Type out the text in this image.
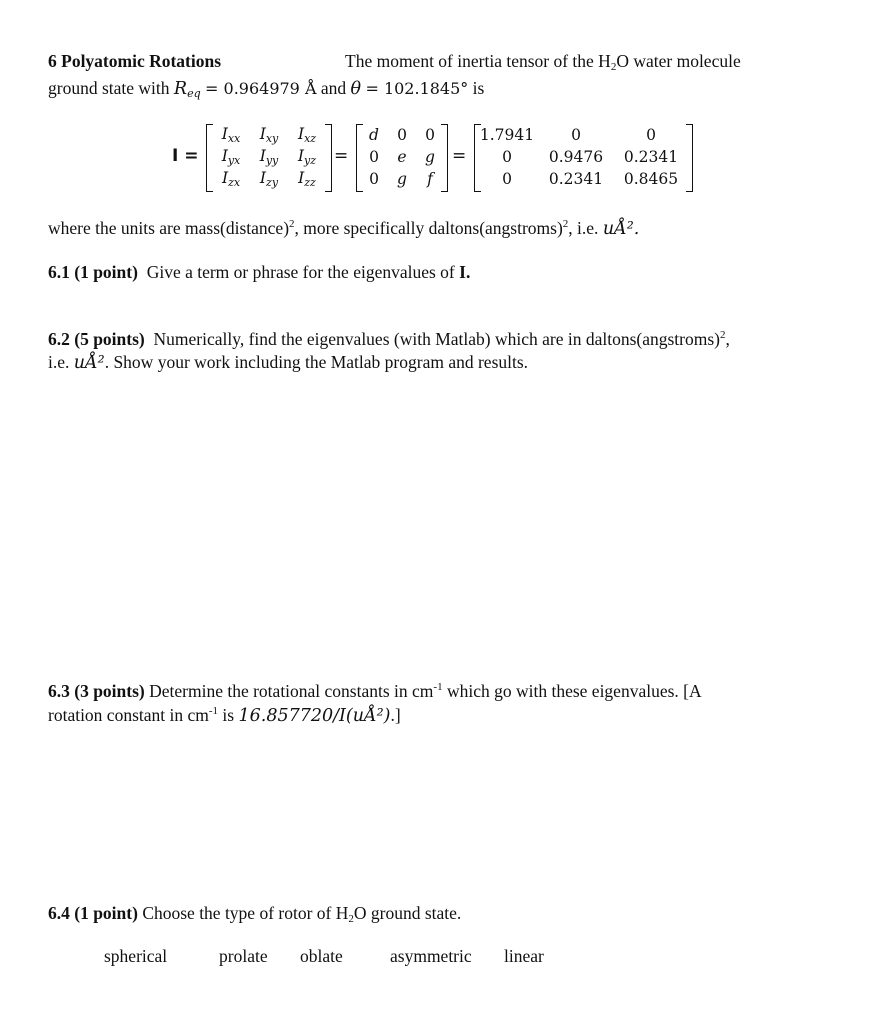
6 Polyatomic Rotations	The moment of inertia tensor of the $H_2O$ water molecule
ground state with $R_{eq} = 0.964979$ Å and θ = 102.1845° is
I =
$I_{xx}$	$I_{xy}$	$I_{xz}$
$I_{yx}$	$I_{yy}$	$I_{yz}$
$I_{zx}$	$I_{zy}$	$I_{zz}$
=
d	0	0
0	e	g
0	g	f
=
1.7941	0	0
0	0.9476	0.2341
0	0.2341	0.8465
where the units are mass(distance)$^2$, more specifically daltons(angstroms)$^2$, i.e. uÅ².
6.1 (1 point) Give a term or phrase for the eigenvalues of I.
6.2 (5 points) Numerically, find the eigenvalues (with Matlab) which are in daltons(angstroms)$^2$,
i.e. uÅ². Show your work including the Matlab program and results.
6.3 (3 points) Determine the rotational constants in $cm^{-1}$ which go with these eigenvalues. [A
rotation constant in $cm^{-1}$ is 16.857720/I(uÅ²).]
6.4 (1 point) Choose the type of rotor of $H_2O$ ground state.
spherical	prolate oblate	asymmetric linear
